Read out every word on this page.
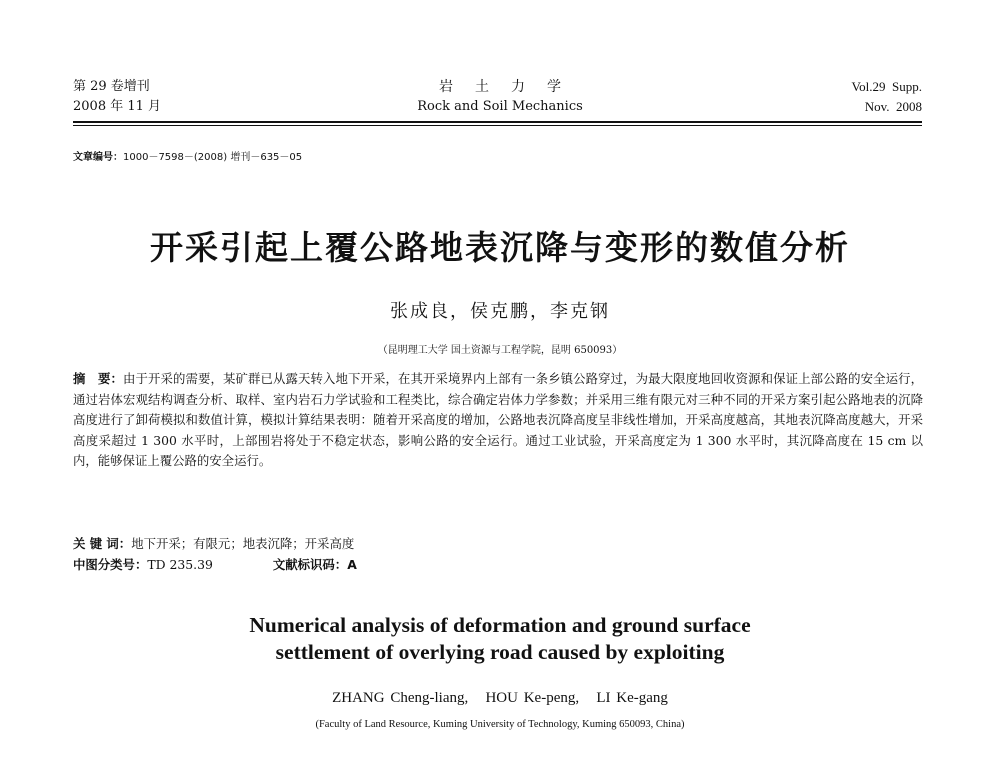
第 29 卷增刊
2008 年 11 月
岩土力学
Rock and Soil Mechanics
Vol.29  Supp.
Nov.  2008
文章编号：1000－7598－(2008) 增刊－635－05
开采引起上覆公路地表沉降与变形的数值分析
张成良，侯克鹏，李克钢
（昆明理工大学 国土资源与工程学院，昆明 650093）
摘　要：由于开采的需要，某矿群已从露天转入地下开采，在其开采境界内上部有一条乡镇公路穿过，为最大限度地回收资源和保证上部公路的安全运行，通过岩体宏观结构调查分析、取样、室内岩石力学试验和工程类比，综合确定岩体力学参数；并采用三维有限元对三种不同的开采方案引起公路地表的沉降高度进行了卸荷模拟和数值计算，模拟计算结果表明：随着开采高度的增加，公路地表沉降高度呈非线性增加，开采高度越高，其地表沉降高度越大，开采高度采超过 1 300 水平时，上部围岩将处于不稳定状态，影响公路的安全运行。通过工业试验，开采高度定为 1 300 水平时，其沉降高度在 15 cm 以内，能够保证上覆公路的安全运行。
关 键 词：地下开采；有限元；地表沉降；开采高度
中图分类号：TD 235.39	文献标识码：A
Numerical analysis of deformation and ground surface
settlement of overlying road caused by exploiting
ZHANG Cheng-liang,   HOU Ke-peng,   LI Ke-gang
(Faculty of Land Resource, Kuming University of Technology, Kuming 650093, China)
